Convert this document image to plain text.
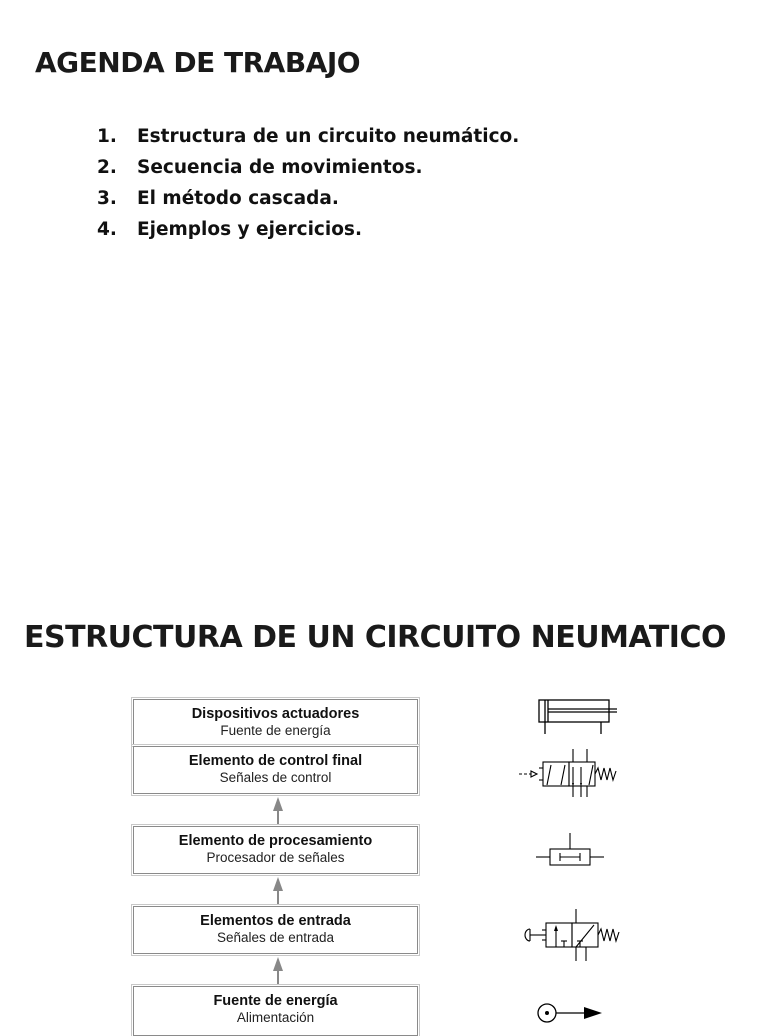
AGENDA DE TRABAJO
1.	Estructura de un circuito neumático.
2.	Secuencia de movimientos.
3.	El método cascada.
4.	Ejemplos y ejercicios.
ESTRUCTURA DE UN CIRCUITO NEUMATICO
Dispositivos actuadores
Fuente de energía
Elemento de control final
Señales de control
Elemento de procesamiento
Procesador de señales
Elementos de entrada
Señales de entrada
Fuente de energía
Alimentación
